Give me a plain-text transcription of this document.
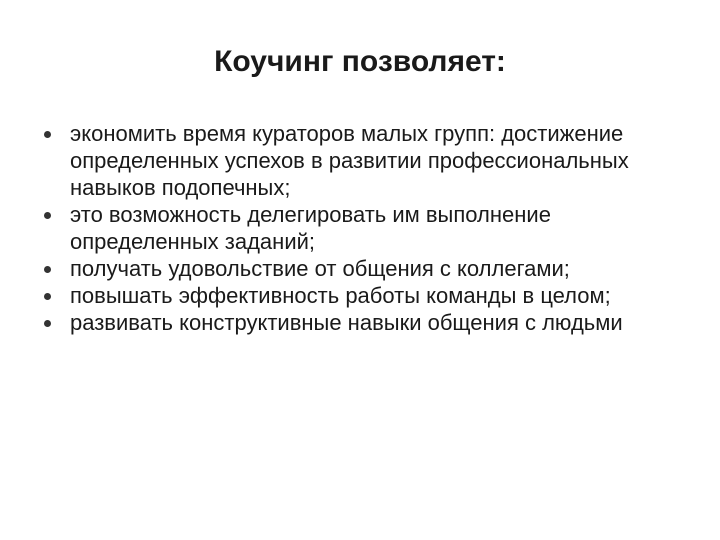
Коучинг позволяет:
экономить время кураторов малых групп: достижение определенных успехов в развитии профессиональных навыков подопечных;
это возможность делегировать им выполнение определенных заданий;
получать удовольствие от общения с коллегами;
повышать эффективность работы команды в целом;
развивать конструктивные навыки общения с людьми
